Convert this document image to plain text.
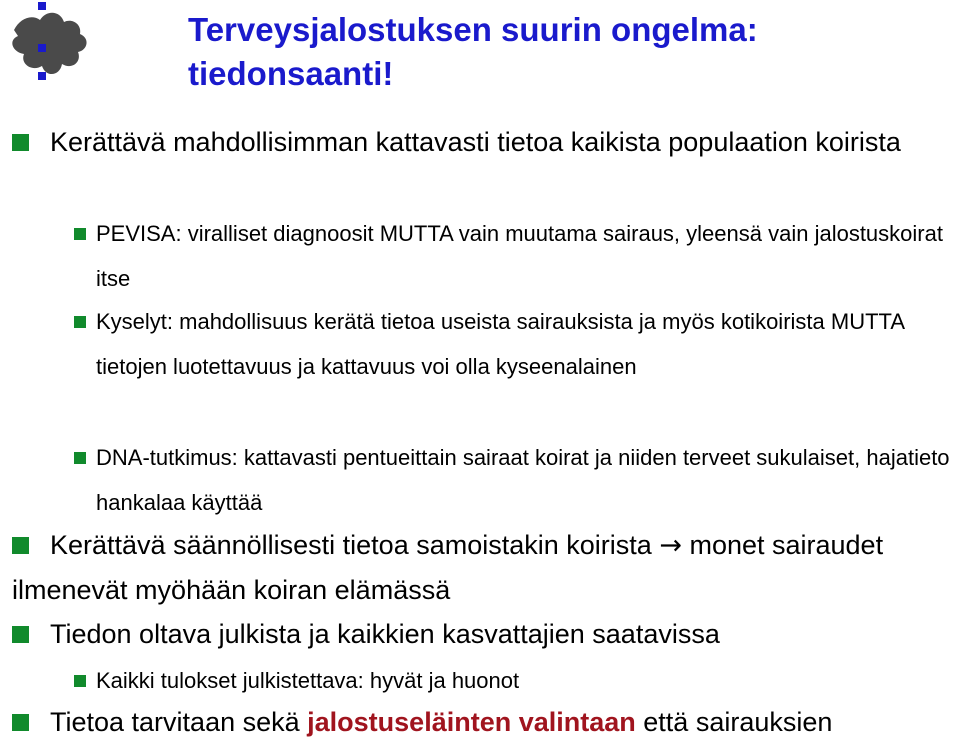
Terveysjalostuksen suurin ongelma:
tiedonsaanti!
Kerättävä mahdollisimman kattavasti tietoa kaikista populaation koirista
PEVISA: viralliset diagnoosit MUTTA vain muutama sairaus, yleensä vain jalostuskoirat itse
Kyselyt: mahdollisuus kerätä tietoa useista sairauksista ja myös kotikoirista MUTTA tietojen luotettavuus ja kattavuus voi olla kyseenalainen
DNA-tutkimus: kattavasti pentueittain sairaat koirat ja niiden terveet sukulaiset, hajatieto hankalaa käyttää
Kerättävä säännöllisesti tietoa samoistakin koirista → monet sairaudet ilmenevät myöhään koiran elämässä
Tiedon oltava julkista ja kaikkien kasvattajien saatavissa
Kaikki tulokset julkistettava: hyvät ja huonot
Tietoa tarvitaan sekä jalostuseläinten valintaan että sairauksien
